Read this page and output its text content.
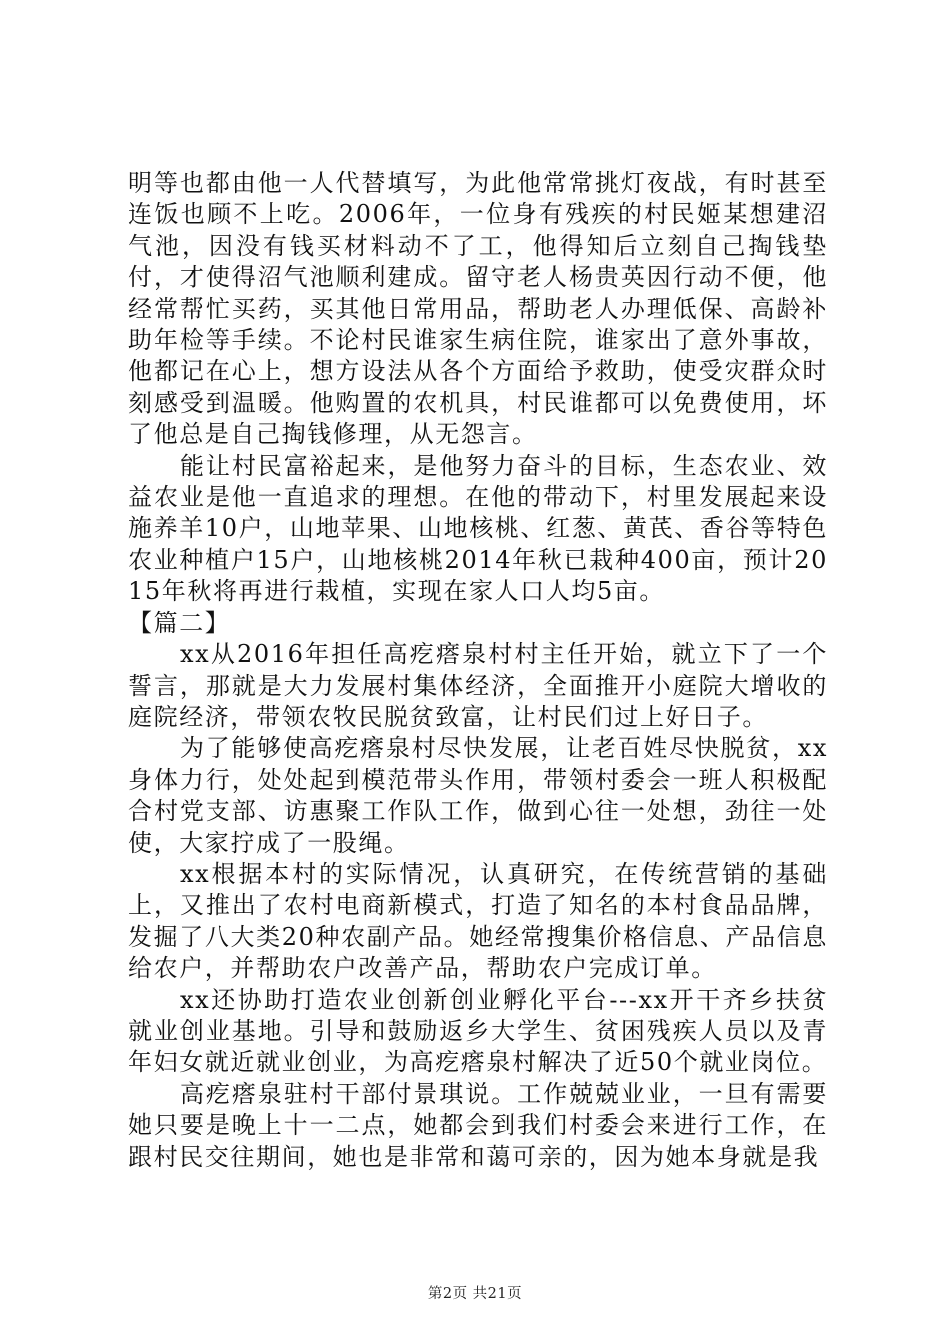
明等也都由他一人代替填写，为此他常常挑灯夜战，有时甚至连饭也顾不上吃。2006年，一位身有残疾的村民姬某想建沼气池，因没有钱买材料动不了工，他得知后立刻自己掏钱垫付，才使得沼气池顺利建成。留守老人杨贵英因行动不便，他经常帮忙买药，买其他日常用品，帮助老人办理低保、高龄补助年检等手续。不论村民谁家生病住院，谁家出了意外事故，他都记在心上，想方设法从各个方面给予救助，使受灾群众时刻感受到温暖。他购置的农机具，村民谁都可以免费使用，坏了他总是自己掏钱修理，从无怨言。

能让村民富裕起来，是他努力奋斗的目标，生态农业、效益农业是他一直追求的理想。在他的带动下，村里发展起来设施养羊10户，山地苹果、山地核桃、红葱、黄芪、香谷等特色农业种植户15户，山地核桃2014年秋已栽种400亩，预计2015年秋将再进行栽植，实现在家人口人均5亩。

【篇二】

xx从2016年担任高疙瘩泉村村主任开始，就立下了一个誓言，那就是大力发展村集体经济，全面推开小庭院大增收的庭院经济，带领农牧民脱贫致富，让村民们过上好日子。

为了能够使高疙瘩泉村尽快发展，让老百姓尽快脱贫，xx身体力行，处处起到模范带头作用，带领村委会一班人积极配合村党支部、访惠聚工作队工作，做到心往一处想，劲往一处使，大家拧成了一股绳。

xx根据本村的实际情况，认真研究，在传统营销的基础上，又推出了农村电商新模式，打造了知名的本村食品品牌，发掘了八大类20种农副产品。她经常搜集价格信息、产品信息给农户，并帮助农户改善产品，帮助农户完成订单。

xx还协助打造农业创新创业孵化平台---xx开干齐乡扶贫就业创业基地。引导和鼓励返乡大学生、贫困残疾人员以及青年妇女就近就业创业，为高疙瘩泉村解决了近50个就业岗位。

高疙瘩泉驻村干部付景琪说。工作兢兢业业，一旦有需要她只要是晚上十一二点，她都会到我们村委会来进行工作，在跟村民交往期间，她也是非常和蔼可亲的，因为她本身就是我

第2页 共21页
